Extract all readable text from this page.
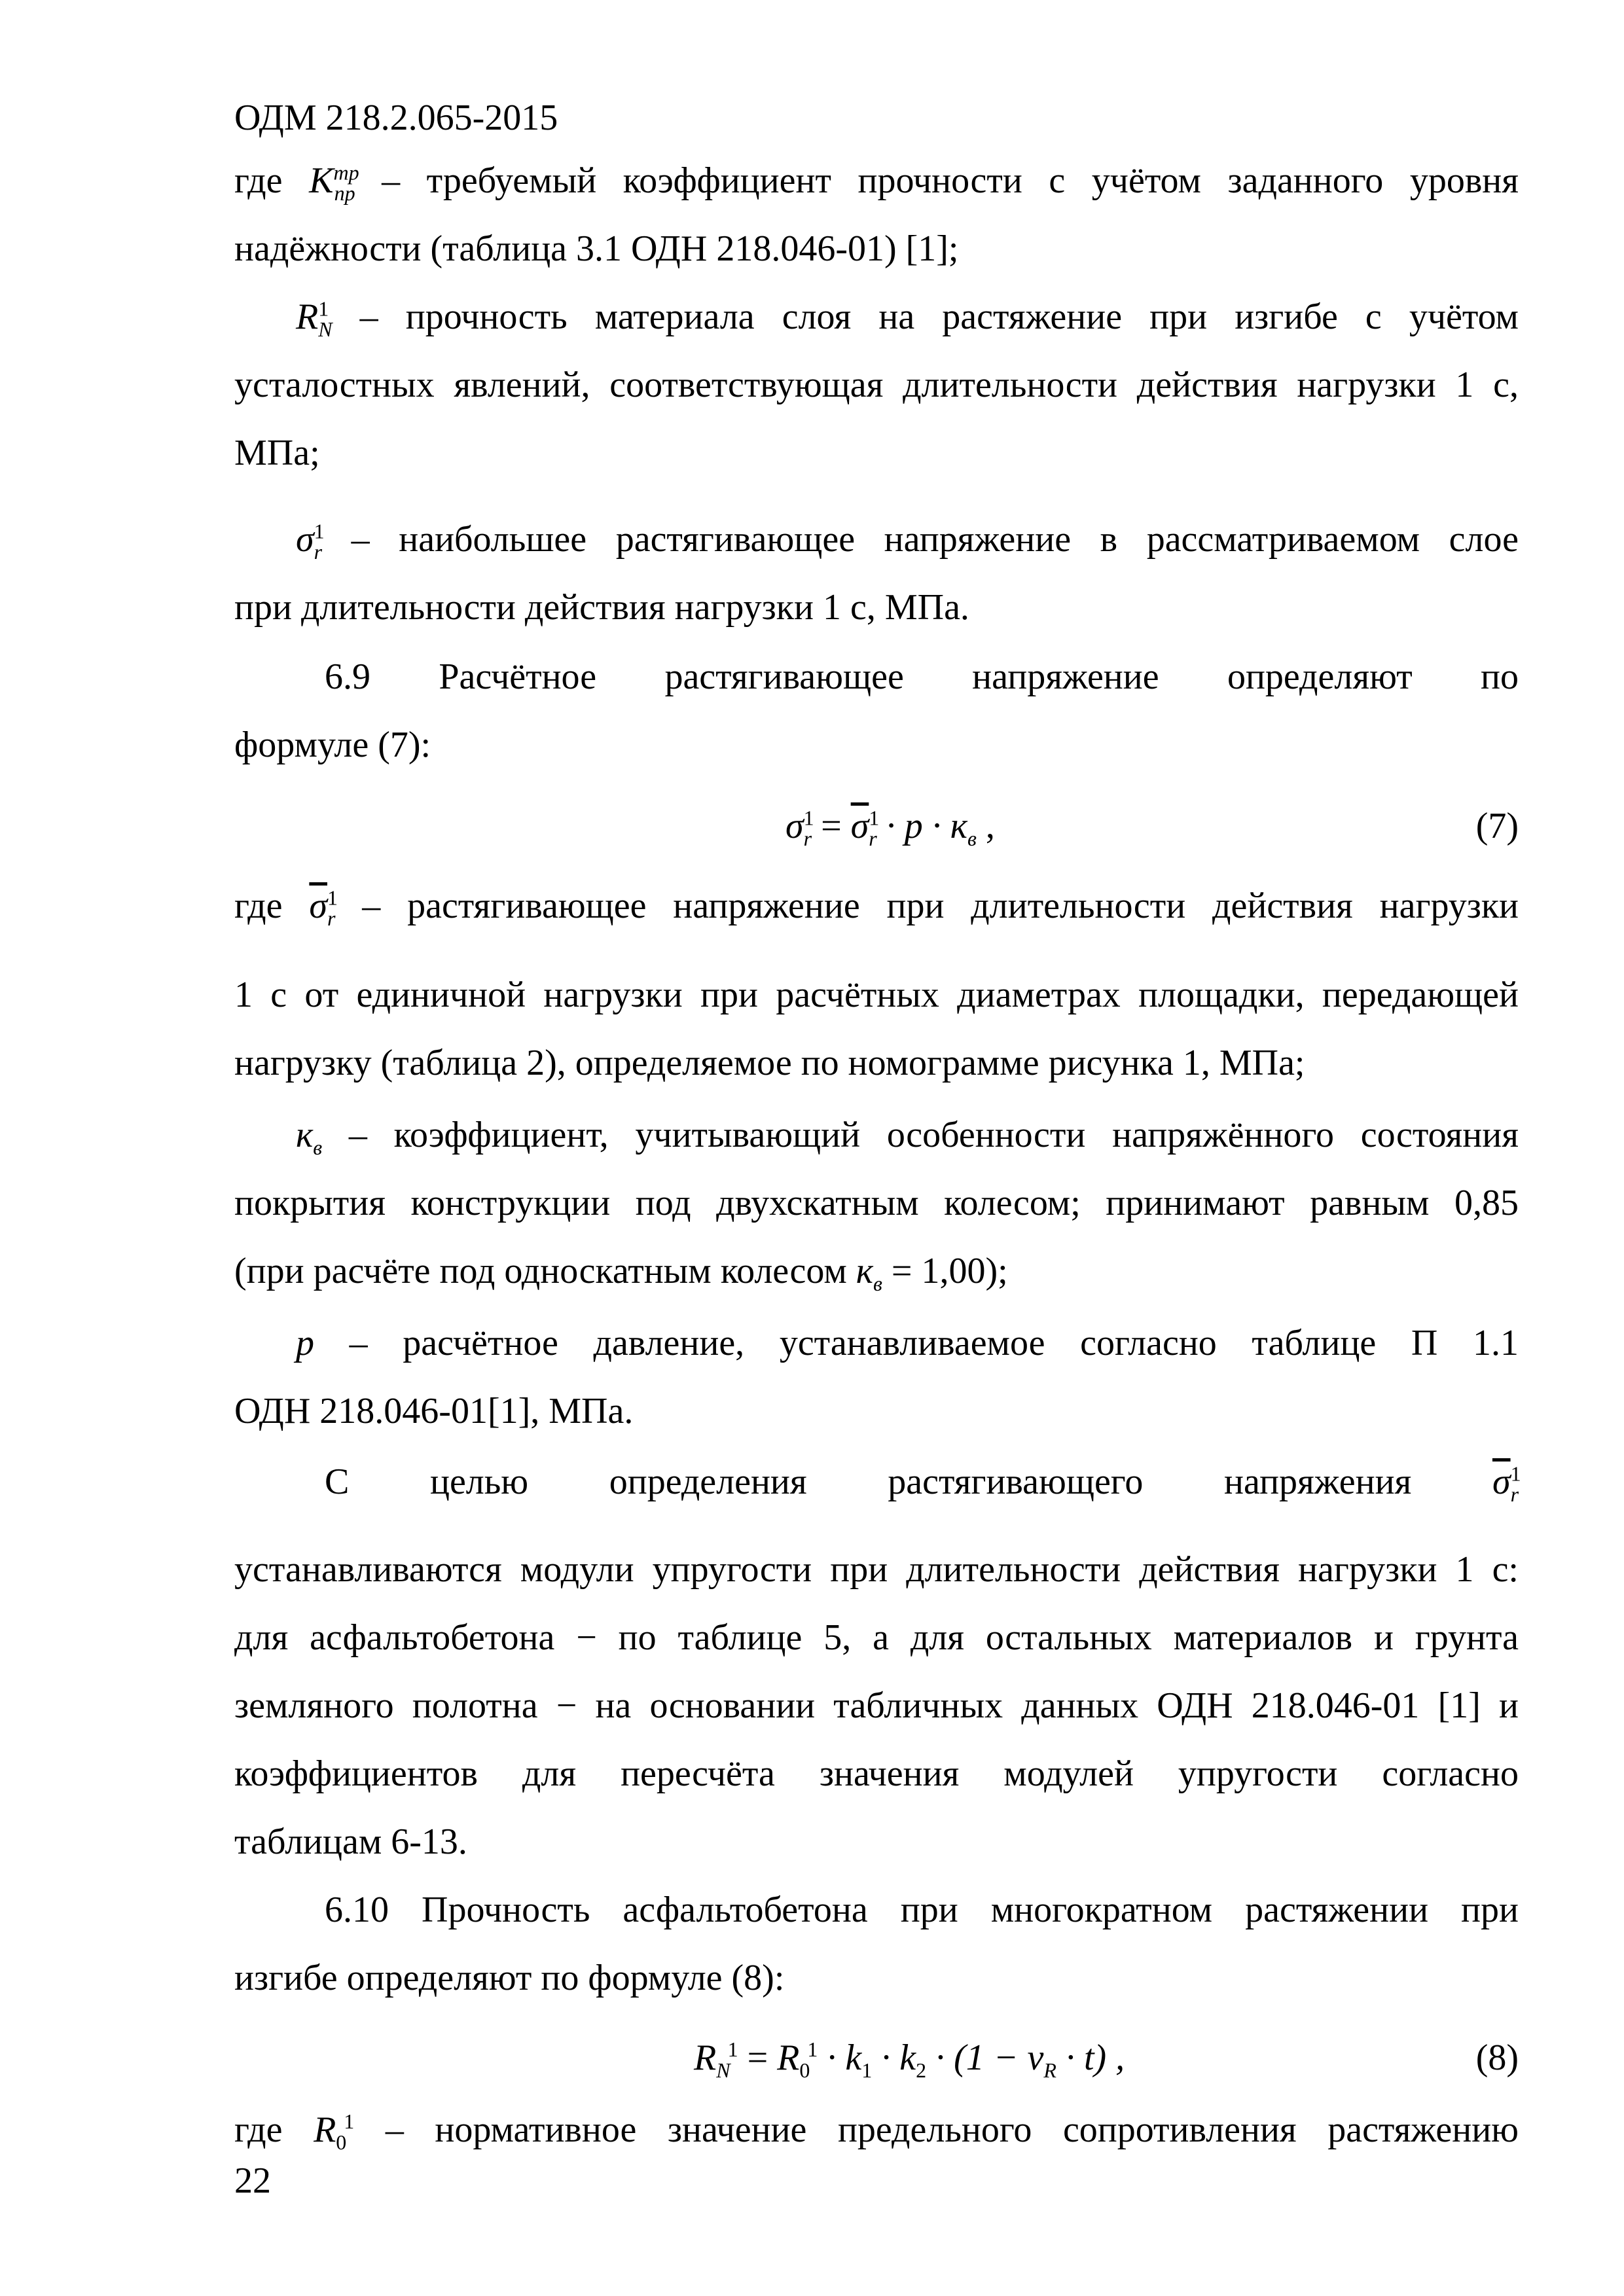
ОДМ 218.2.065-2015
где $K^{тр}_{пр}$ – требуемый коэффициент прочности с учётом заданного уровня
надёжности (таблица 3.1 ОДН 218.046-01) [1];
$R^1_N$ – прочность материала слоя на растяжение при изгибе с учётом
усталостных явлений, соответствующая длительности действия нагрузки 1 с,
МПа;
$\sigma^1_r$ – наибольшее растягивающее напряжение в рассматриваемом слое
при длительности действия нагрузки 1 с, МПа.
6.9 Расчётное растягивающее напряжение определяют по
формуле (7):
$\sigma^1_r = \overline{\sigma}^1_r \cdot p \cdot к_в$ ,	(7)
где $\overline{\sigma}^1_r$ – растягивающее напряжение при длительности действия нагрузки
1 с от единичной нагрузки при расчётных диаметрах площадки, передающей
нагрузку (таблица 2), определяемое по номограмме рисунка 1, МПа;
$к_в$ – коэффициент, учитывающий особенности напряжённого состояния
покрытия конструкции под двухскатным колесом; принимают равным 0,85
(при расчёте под односкатным колесом $к_в = 1,00$);
p – расчётное давление, устанавливаемое согласно таблице П 1.1
ОДН 218.046-01[1], МПа.
С целью определения растягивающего напряжения $\overline{\sigma}^1_r$
устанавливаются модули упругости при длительности действия нагрузки 1 с:
для асфальтобетона − по таблице 5, а для остальных материалов и грунта
земляного полотна − на основании табличных данных ОДН 218.046-01 [1] и
коэффициентов для пересчёта значения модулей упругости согласно
таблицам 6-13.
6.10 Прочность асфальтобетона при многократном растяжении при
изгибе определяют по формуле (8):
$R_N^1 = R_0^1 \cdot k_1 \cdot k_2 \cdot (1 - \nu_R \cdot t)$ ,	(8)
где $R_0^1$ – нормативное значение предельного сопротивления растяжению
22
